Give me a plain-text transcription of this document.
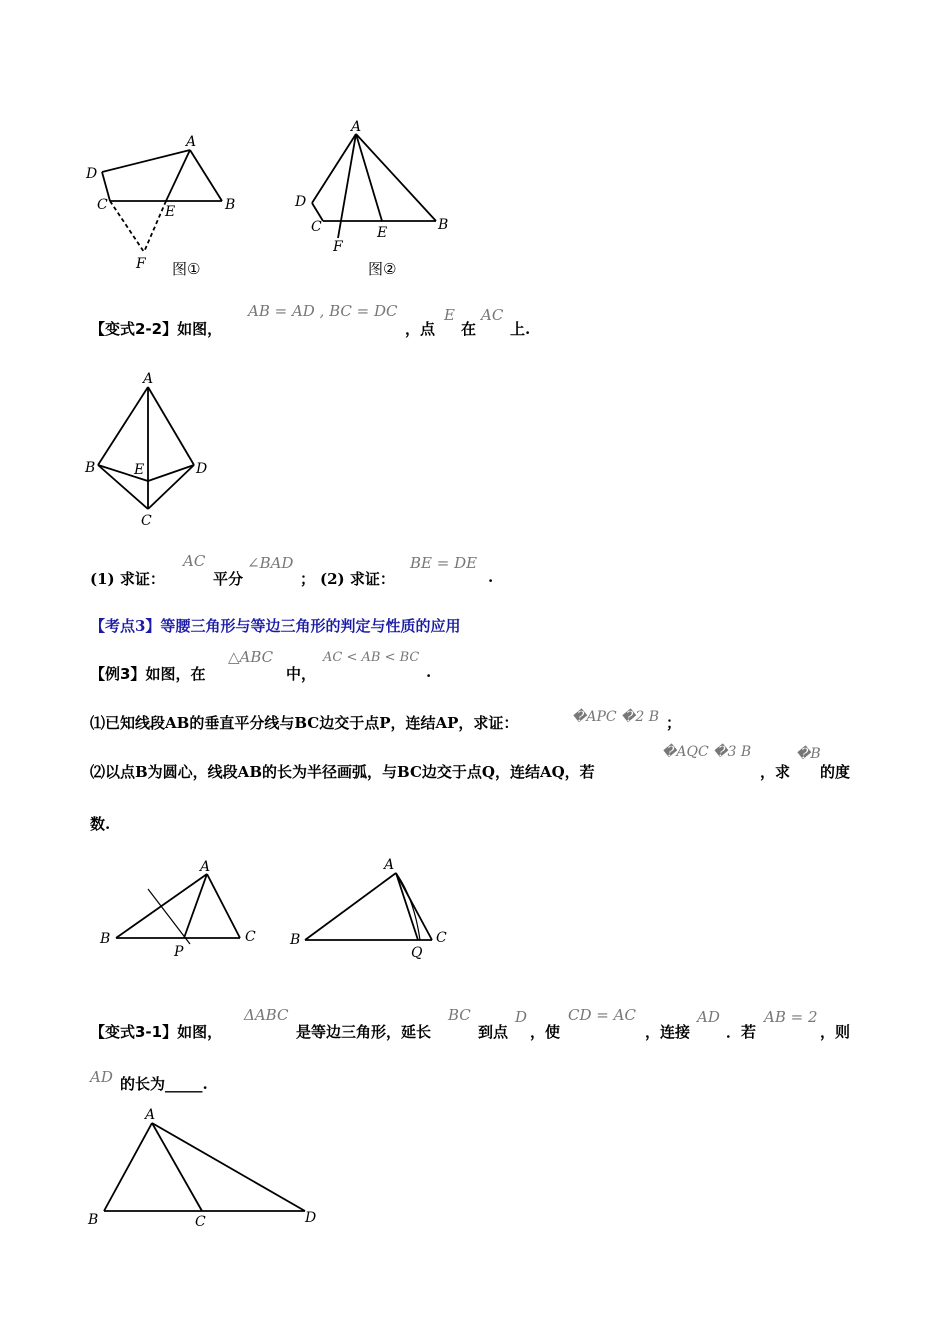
A
B
C
D
E
F 图①
A
B
C
D
E
F
图②
【变式2-2】如图，
AB = AD , BC = DC
，点
E
在
AC
上.
A
B
C
D
E
(1) 求证：
AC
平分
∠BAD
； (2) 求证：
BE = DE
.
【考点3】等腰三角形与等边三角形的判定与性质的应用
【例3】如图，在
△ABC
中，
AC < AB < BC
.
⑴已知线段AB的垂直平分线与BC边交于点P，连结AP，求证：	�APC �2 B ；
⑵以点B为圆心，线段AB的长为半径画弧，与BC边交于点Q，连结AQ，若
�AQC �3 B
，求
�B
的度
数.
A
B	C
P
A
B	C
Q
【变式3-1】如图，
ΔABC
是等边三角形，延长
BC
到点
D
，使
CD = AC
，连接
AD
．若
AB = 2
，则
AD 的长为_____.
A
B	C	D
